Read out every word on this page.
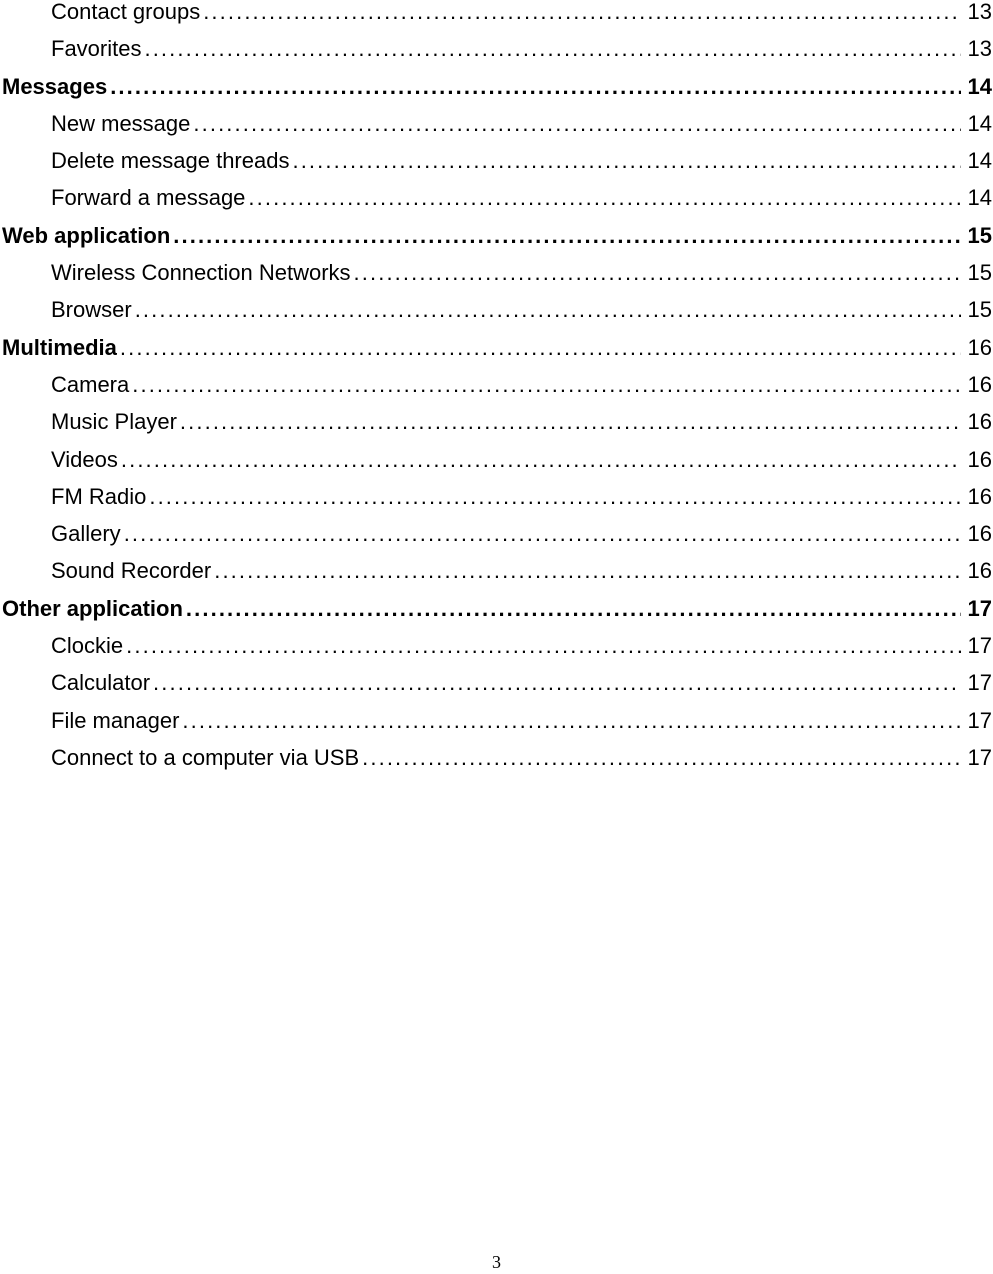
Contact groups . . .	13
Favorites . . .	13
Messages . . .	14
New message . . .	14
Delete message threads . . .	14
Forward a message . . .	14
Web application . . .	15
Wireless Connection Networks . . .	15
Browser . . .	15
Multimedia . . .	16
Camera . . .	16
Music Player . . .	16
Videos . . .	16
FM Radio . . .	16
Gallery . . .	16
Sound Recorder . . .	16
Other application . . .	17
Clockie . . .	17
Calculator . . .	17
File manager . . .	17
Connect to a computer via USB . . .	17
3
